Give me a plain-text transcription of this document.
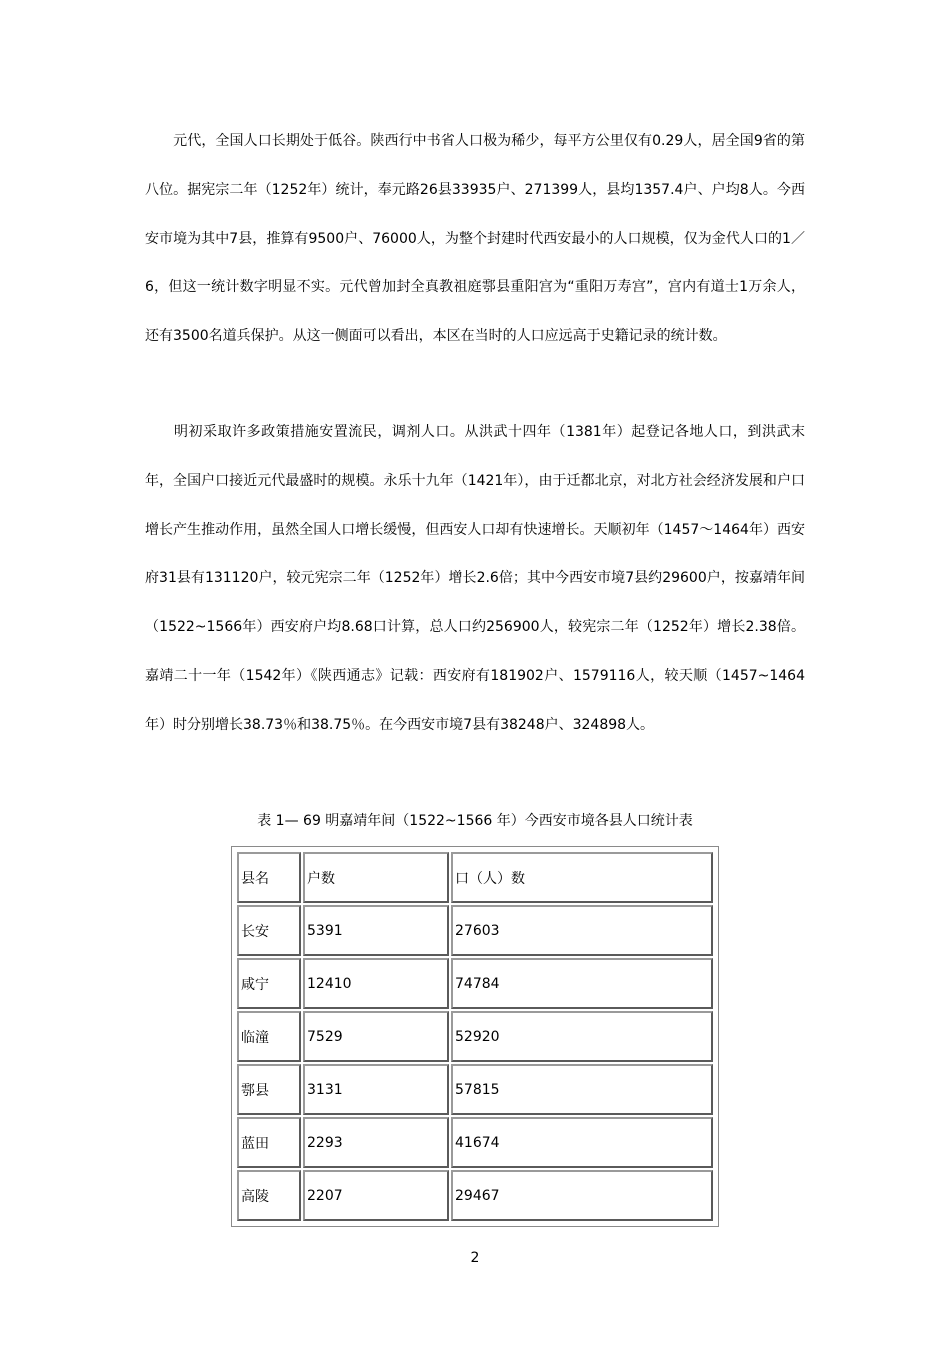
　　元代，全国人口长期处于低谷。陕西行中书省人口极为稀少，每平方公里仅有0.29人，居全国9省的第八位。据宪宗二年（1252年）统计，奉元路26县33935户、271399人，县均1357.4户、户均8人。今西安市境为其中7县，推算有9500户、76000人，为整个封建时代西安最小的人口规模，仅为金代人口的1／6，但这一统计数字明显不实。元代曾加封全真教祖庭鄠县重阳宫为“重阳万寿宫”，宫内有道士1万余人，还有3500名道兵保护。从这一侧面可以看出，本区在当时的人口应远高于史籍记录的统计数。

　　明初采取许多政策措施安置流民，调剂人口。从洪武十四年（1381年）起登记各地人口，到洪武末年，全国户口接近元代最盛时的规模。永乐十九年（1421年），由于迁都北京，对北方社会经济发展和户口增长产生推动作用，虽然全国人口增长缓慢，但西安人口却有快速增长。天顺初年（1457～1464年）西安府31县有131120户，较元宪宗二年（1252年）增长2.6倍；其中今西安市境7县约29600户，按嘉靖年间（1522~1566年）西安府户均8.68口计算，总人口约256900人，较宪宗二年（1252年）增长2.38倍。嘉靖二十一年（1542年）《陕西通志》记载：西安府有181902户、1579116人，较天顺（1457~1464年）时分别增长38.73％和38.75％。在今西安市境7县有38248户、324898人。

表 1— 69 明嘉靖年间（1522~1566 年）今西安市境各县人口统计表

县名	户数	口（人）数
长安	5391	27603
咸宁	12410	74784
临潼	7529	52920
鄠县	3131	57815
蓝田	2293	41674
高陵	2207	29467
2
